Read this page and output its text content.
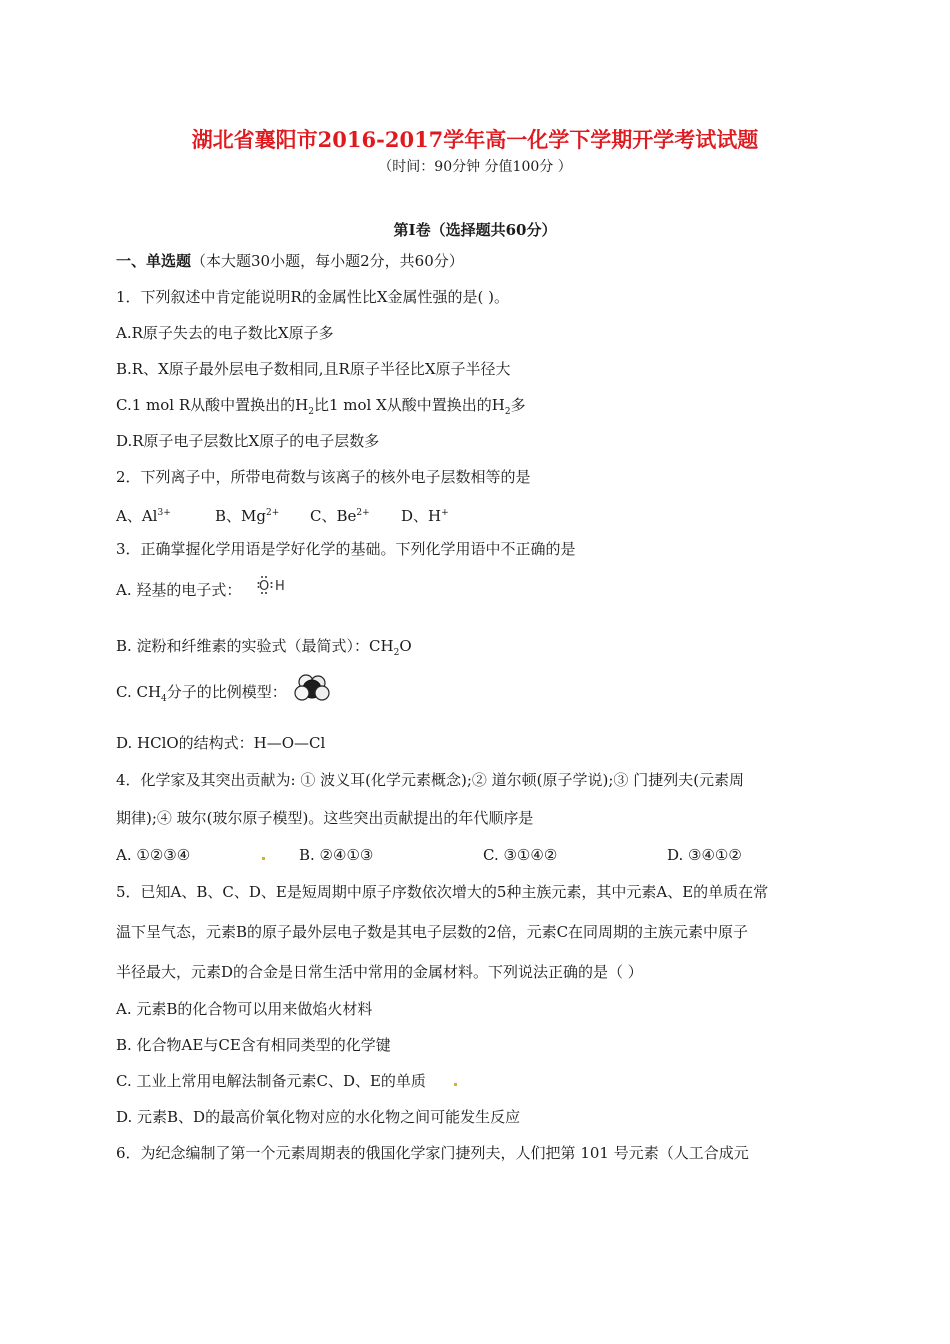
湖北省襄阳市2016-2017学年高一化学下学期开学考试试题
（时间：90分钟 分值100分 ）
第Ⅰ卷（选择题共60分）
一、单选题（本大题30小题，每小题2分，共60分）
1．下列叙述中肯定能说明R的金属性比X金属性强的是( )。
A.R原子失去的电子数比X原子多
B.R、X原子最外层电子数相同,且R原子半径比X原子半径大
C.1 mol R从酸中置换出的$H_2$比1 mol X从酸中置换出的$H_2$多
D.R原子电子层数比X原子的电子层数多
2．下列离子中，所带电荷数与该离子的核外电子层数相等的是
A、$Al^{3+}$	B、$Mg^{2+}$ C、$Be^{2+}$ D、H+
3．正确掌握化学用语是学好化学的基础。下列化学用语中不正确的是
A. 羟基的电子式： O H
B. 淀粉和纤维素的实验式（最简式）：$CH_2O$
C. $CH_4$分子的比例模型：
D. HClO的结构式：H—O—Cl
4．化学家及其突出贡献为: ① 波义耳(化学元素概念);② 道尔顿(原子学说);③ 门捷列夫(元素周
期律);④ 玻尔(玻尔原子模型)。这些突出贡献提出的年代顺序是
A. ①②③④	B. ②④①③	C. ③①④②	D. ③④①②
5．已知A、B、C、D、E是短周期中原子序数依次增大的5种主族元素，其中元素A、E的单质在常
温下呈气态，元素B的原子最外层电子数是其电子层数的2倍，元素C在同周期的主族元素中原子
半径最大，元素D的合金是日常生活中常用的金属材料。下列说法正确的是（ ）
A. 元素B的化合物可以用来做焰火材料
B. 化合物AE与CE含有相同类型的化学键
C. 工业上常用电解法制备元素C、D、E的单质
D. 元素B、D的最高价氧化物对应的水化物之间可能发生反应
6．为纪念编制了第一个元素周期表的俄国化学家门捷列夫，人们把第 101 号元素（人工合成元
